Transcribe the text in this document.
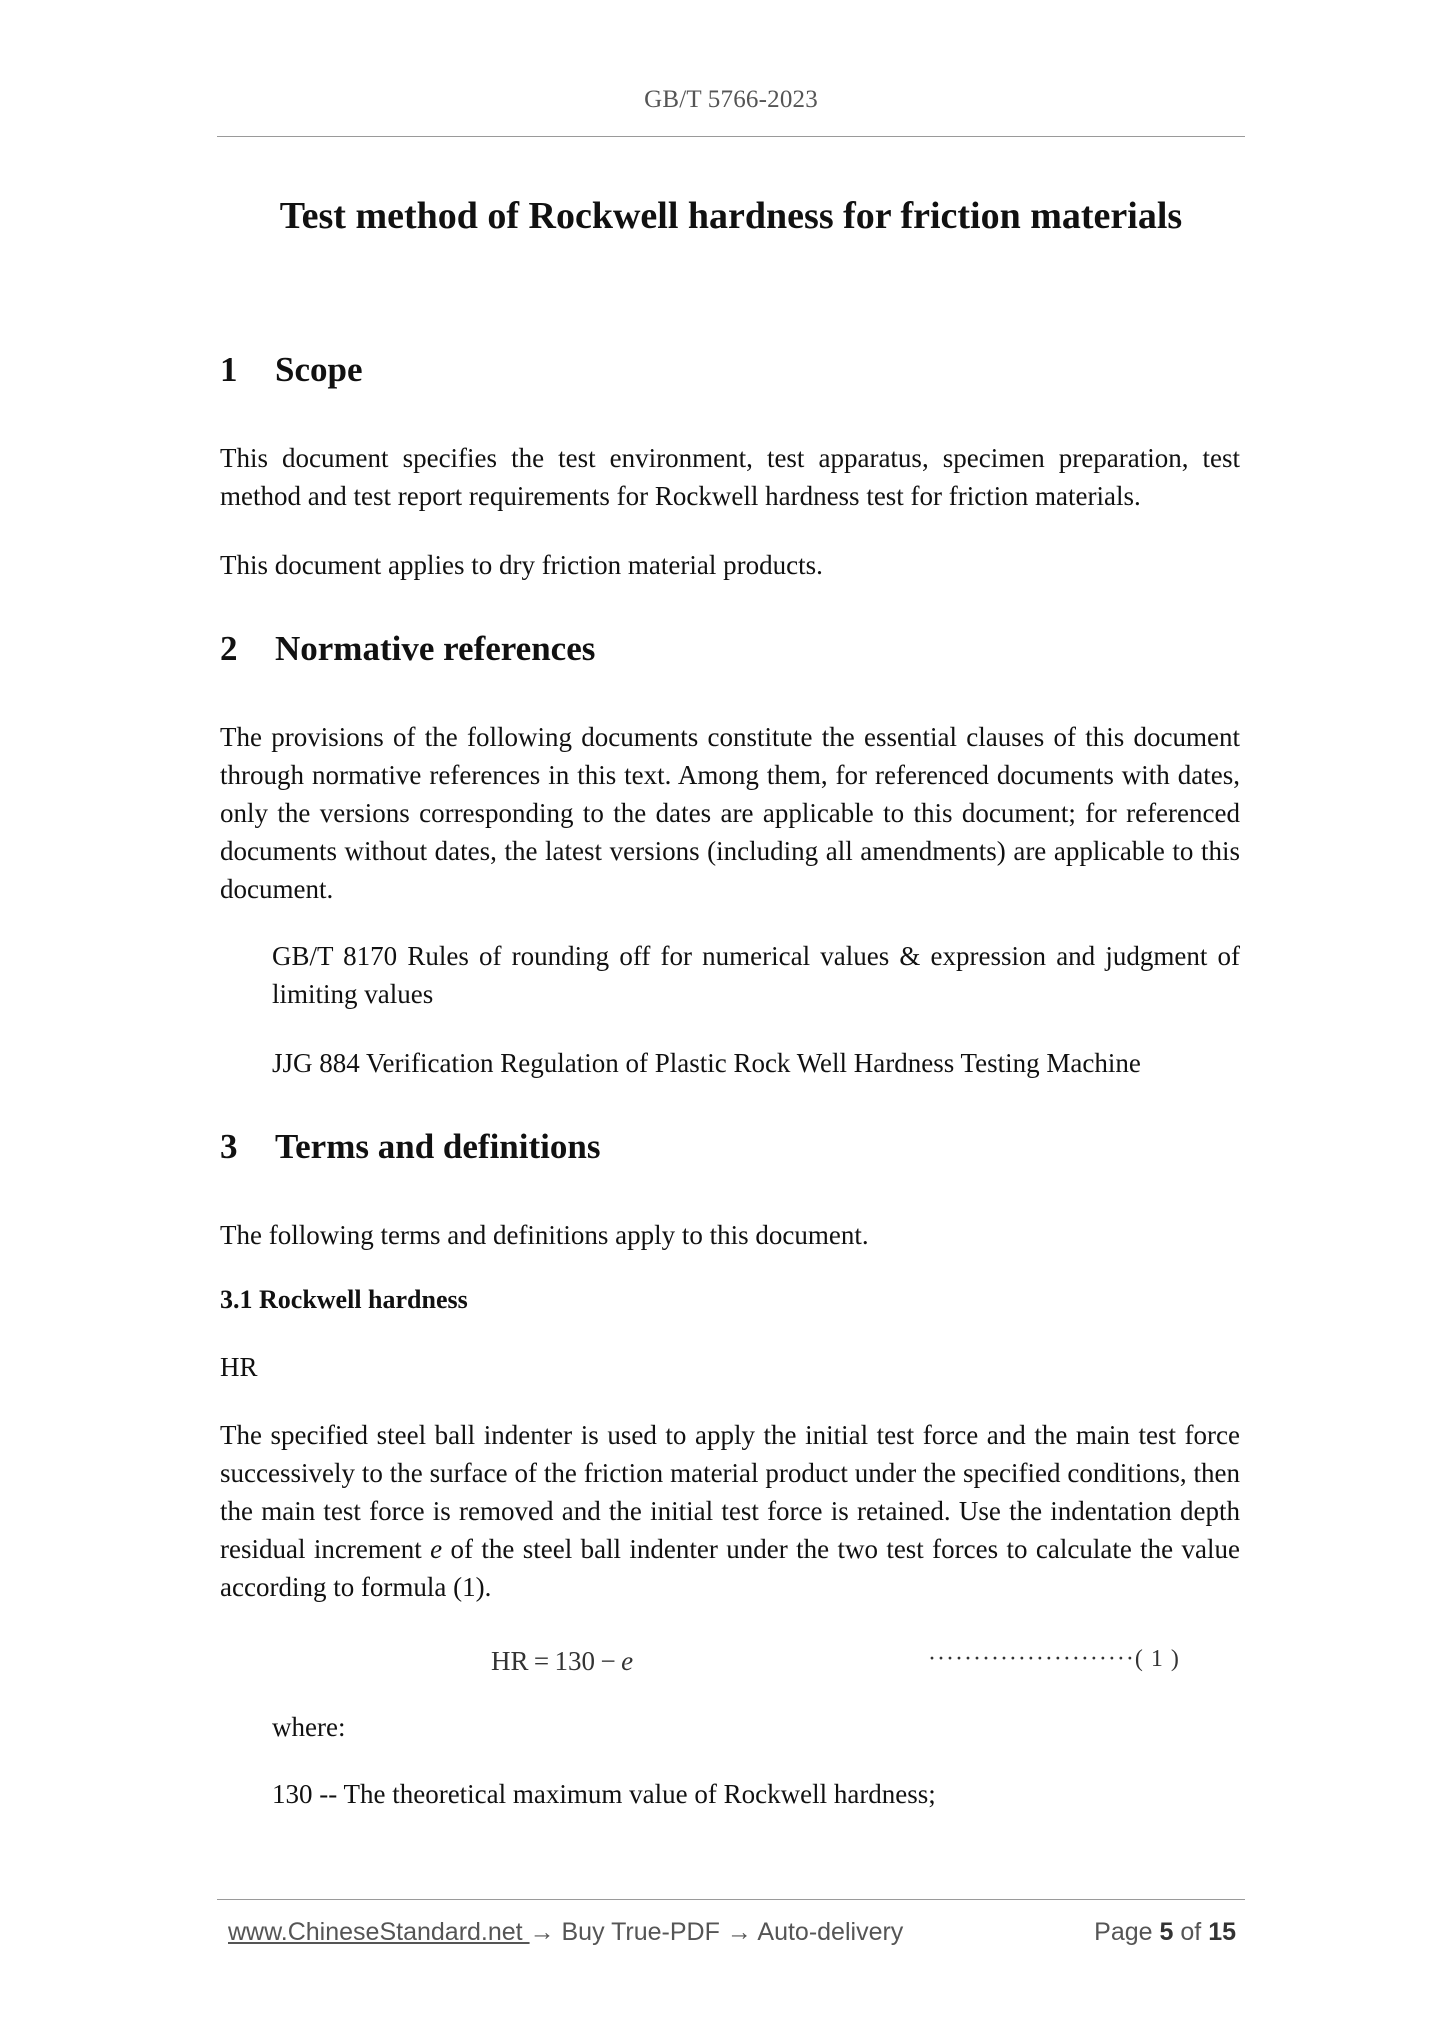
GB/T 5766-2023
Test method of Rockwell hardness for friction materials
1 Scope

This document specifies the test environment, test apparatus, specimen preparation, test method and test report requirements for Rockwell hardness test for friction materials.

This document applies to dry friction material products.

2 Normative references

The provisions of the following documents constitute the essential clauses of this document through normative references in this text. Among them, for referenced documents with dates, only the versions corresponding to the dates are applicable to this document; for referenced documents without dates, the latest versions (including all amendments) are applicable to this document.

GB/T 8170 Rules of rounding off for numerical values & expression and judgment of limiting values

JJG 884 Verification Regulation of Plastic Rock Well Hardness Testing Machine

3 Terms and definitions

The following terms and definitions apply to this document.

3.1 Rockwell hardness
HR

The specified steel ball indenter is used to apply the initial test force and the main test force successively to the surface of the friction material product under the specified conditions, then the main test force is removed and the initial test force is retained. Use the indentation depth residual increment e of the steel ball indenter under the two test forces to calculate the value according to formula (1).

HR = 130 − e	·······················( 1 )
where:
130 -- The theoretical maximum value of Rockwell hardness;
www.ChineseStandard.net → Buy True-PDF → Auto-delivery	Page 5 of 15
